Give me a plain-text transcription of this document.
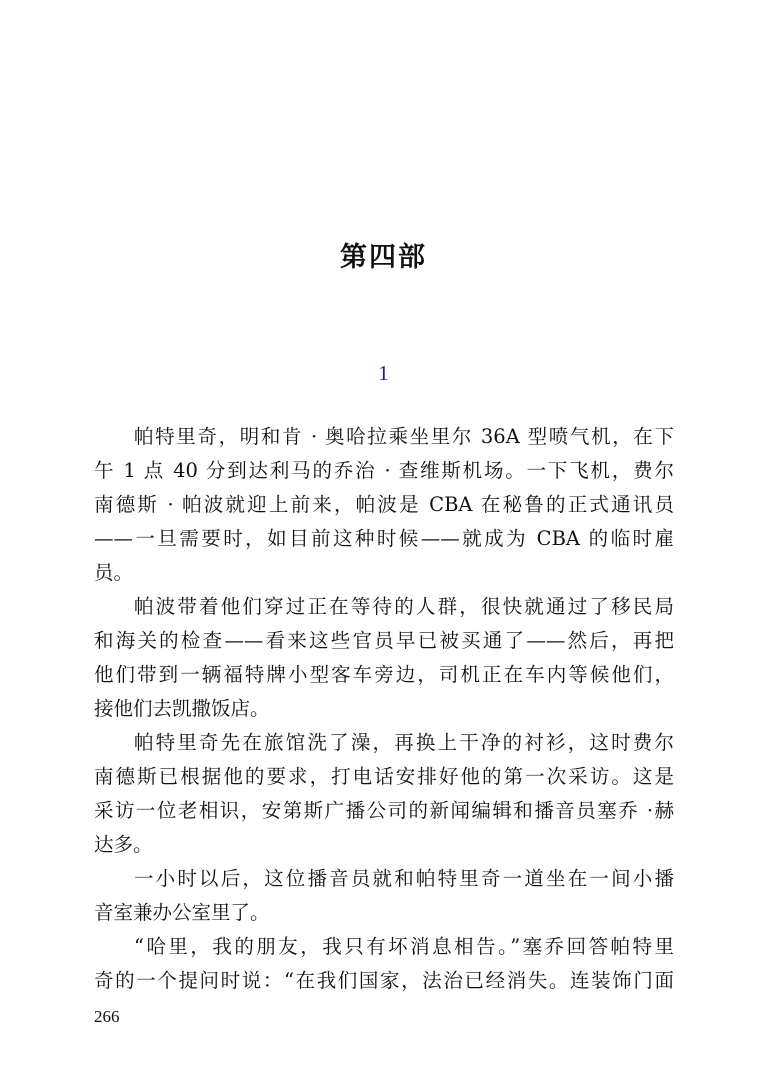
第四部
1
帕特里奇，明和肯 · 奥哈拉乘坐里尔 36A 型喷气机，在下
午 1 点 40 分到达利马的乔治 · 查维斯机场。一下飞机，费尔
南德斯 · 帕波就迎上前来，帕波是 CBA 在秘鲁的正式通讯员
——一旦需要时，如目前这种时候——就成为 CBA 的临时雇
员。
帕波带着他们穿过正在等待的人群，很快就通过了移民局
和海关的检查——看来这些官员早已被买通了——然后，再把
他们带到一辆福特牌小型客车旁边，司机正在车内等候他们，
接他们去凯撒饭店。
帕特里奇先在旅馆洗了澡，再换上干净的衬衫，这时费尔
南德斯已根据他的要求，打电话安排好他的第一次采访。这是
采访一位老相识，安第斯广播公司的新闻编辑和播音员塞乔 ·赫
达多。
一小时以后，这位播音员就和帕特里奇一道坐在一间小播
音室兼办公室里了。
“哈里，我的朋友，我只有坏消息相告。”塞乔回答帕特里
奇的一个提问时说：“在我们国家，法治已经消失。连装饰门面
266
